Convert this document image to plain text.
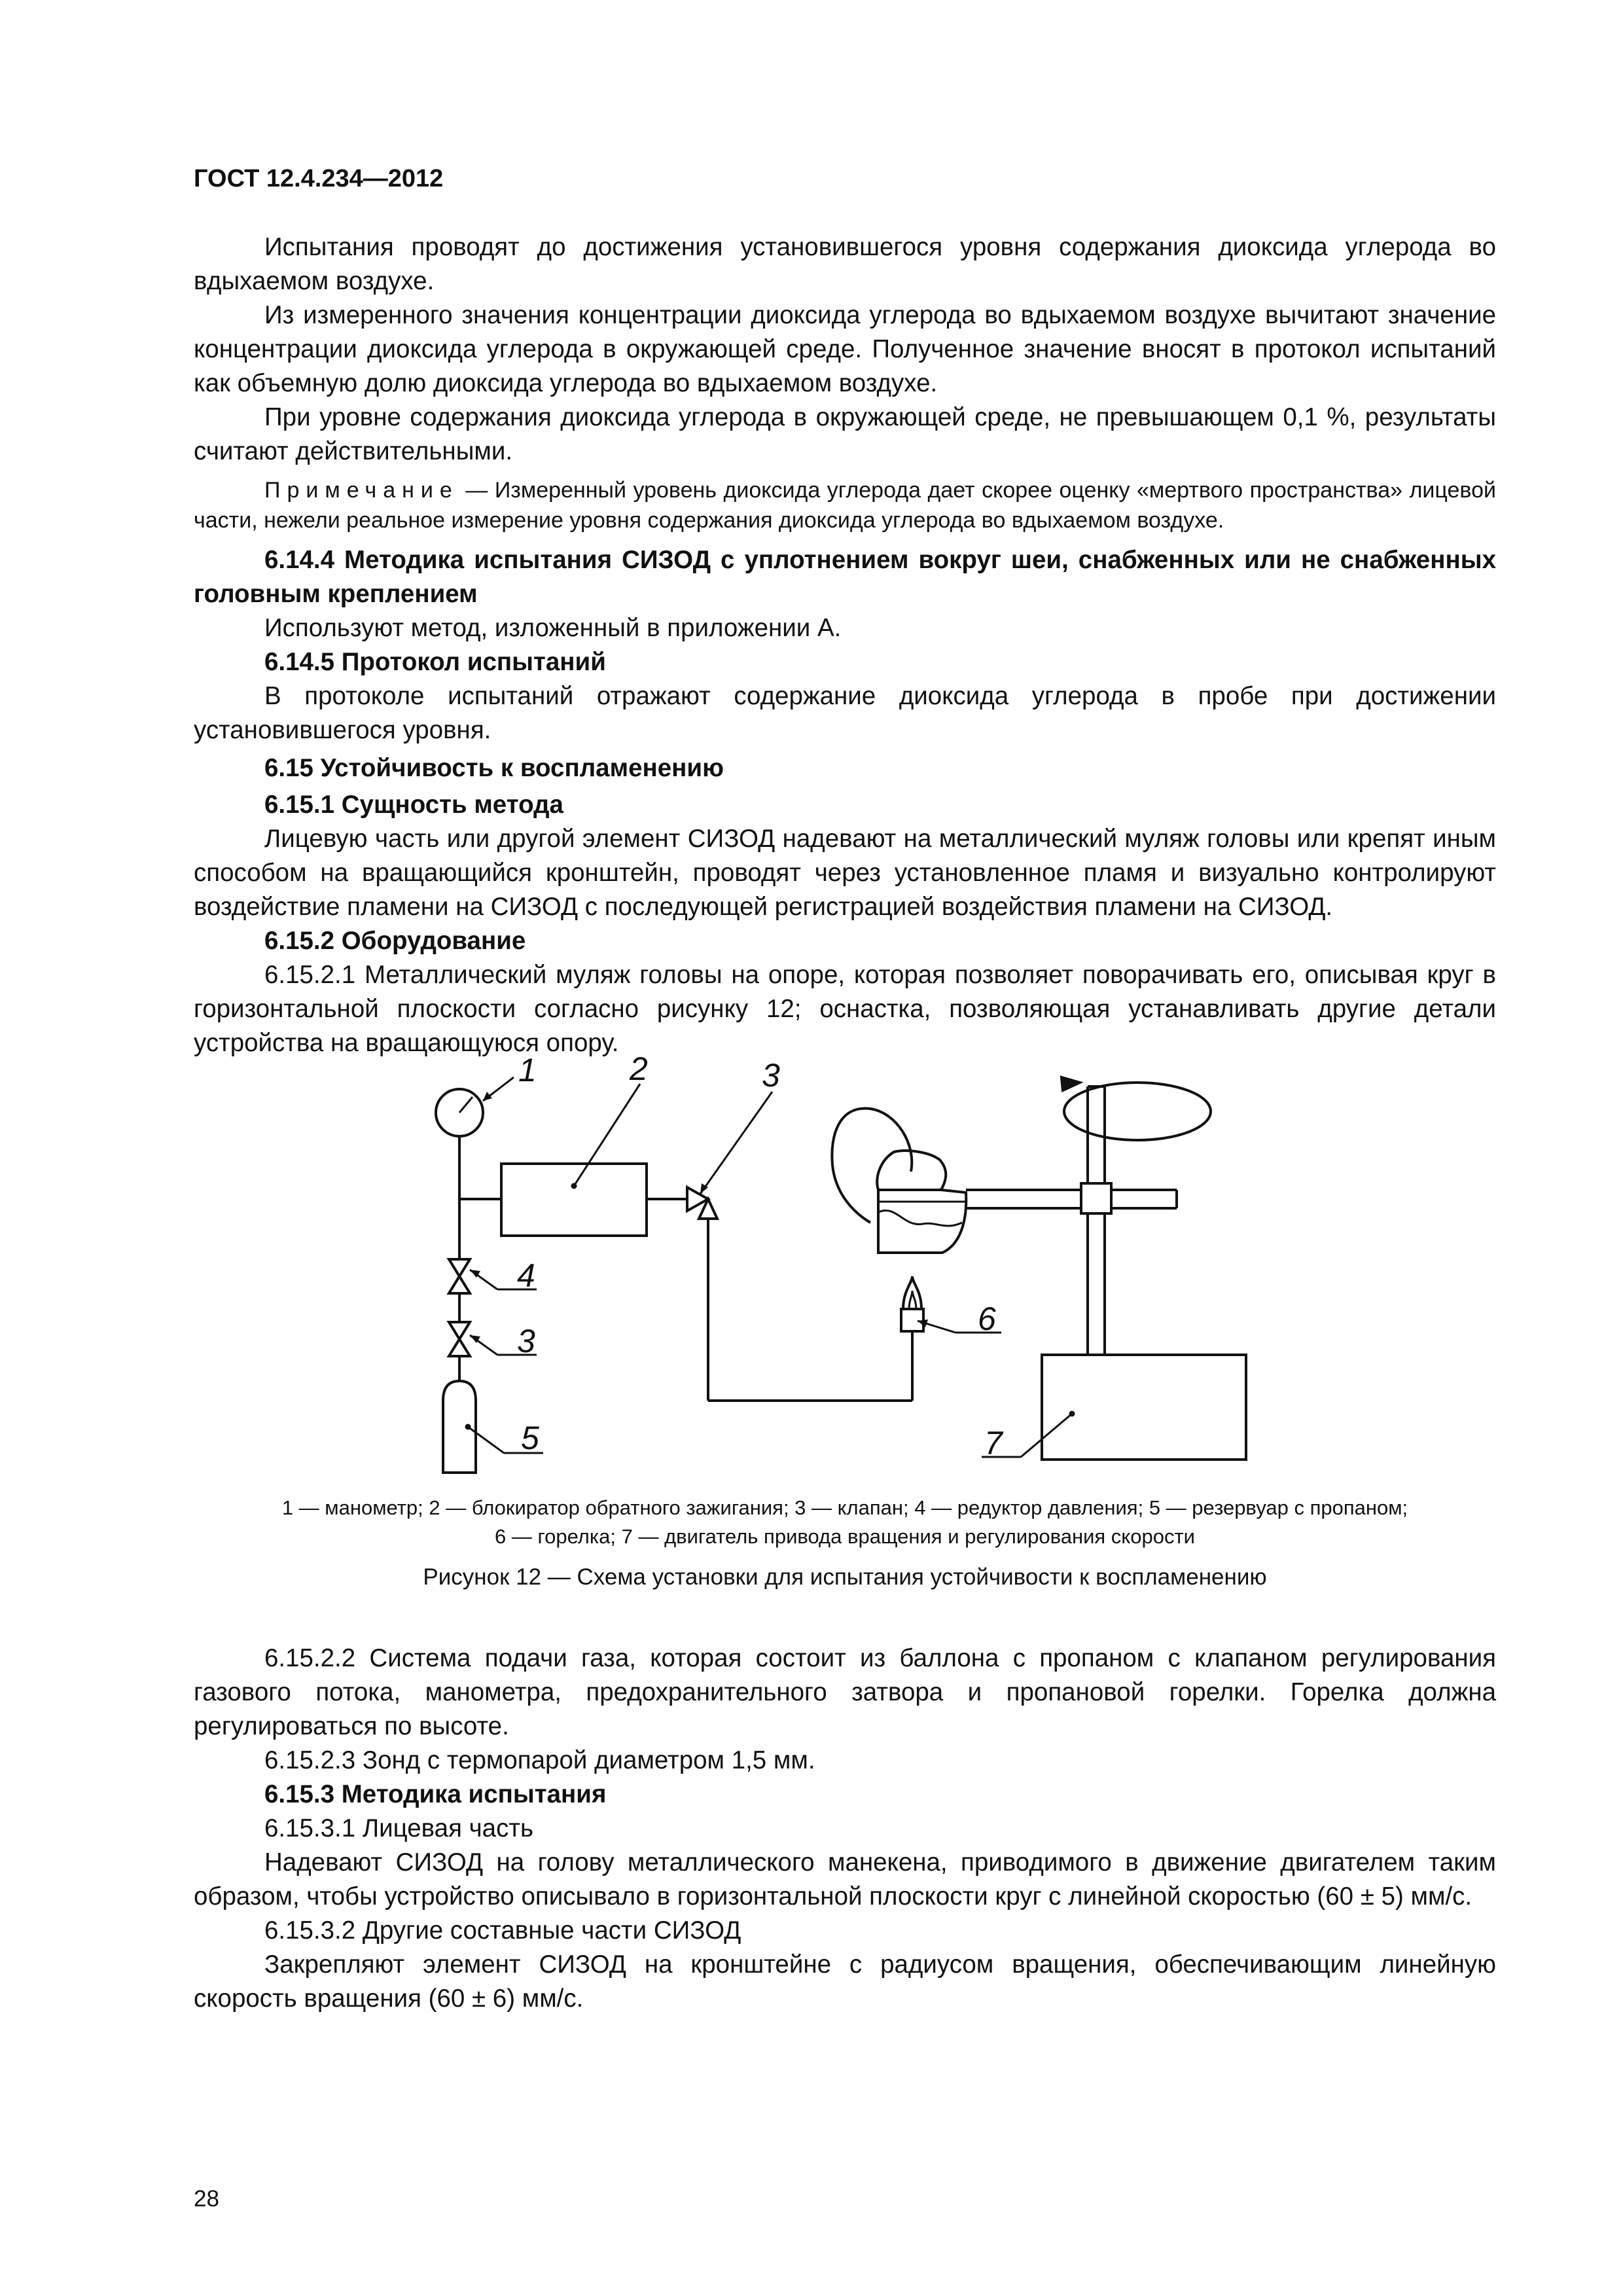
ГОСТ 12.4.234—2012

Испытания проводят до достижения установившегося уровня содержания диоксида углерода во вдыхаемом воздухе.

Из измеренного значения концентрации диоксида углерода во вдыхаемом воздухе вычитают значение концентрации диоксида углерода в окружающей среде. Полученное значение вносят в протокол испытаний как объемную долю диоксида углерода во вдыхаемом воздухе.

При уровне содержания диоксида углерода в окружающей среде, не превышающем 0,1 %, результаты считают действительными.

Примечание — Измеренный уровень диоксида углерода дает скорее оценку «мертвого пространства» лицевой части, нежели реальное измерение уровня содержания диоксида углерода во вдыхаемом воздухе.

6.14.4 Методика испытания СИЗОД с уплотнением вокруг шеи, снабженных или не снабженных головным креплением

Используют метод, изложенный в приложении А.

6.14.5 Протокол испытаний

В протоколе испытаний отражают содержание диоксида углерода в пробе при достижении установившегося уровня.

6.15 Устойчивость к воспламенению

6.15.1 Сущность метода

Лицевую часть или другой элемент СИЗОД надевают на металлический муляж головы или крепят иным способом на вращающийся кронштейн, проводят через установленное пламя и визуально контролируют воздействие пламени на СИЗОД с последующей регистрацией воздействия пламени на СИЗОД.

6.15.2 Оборудование

6.15.2.1 Металлический муляж головы на опоре, которая позволяет поворачивать его, описывая круг в горизонтальной плоскости согласно рисунку 12; оснастка, позволяющая устанавливать другие детали устройства на вращающуюся опору.

1	2	3
4
3
5
6
7
1 — манометр; 2 — блокиратор обратного зажигания; 3 — клапан; 4 — редуктор давления; 5 — резервуар с пропаном;
6 — горелка; 7 — двигатель привода вращения и регулирования скорости
Рисунок 12 — Схема установки для испытания устойчивости к воспламенению

6.15.2.2 Система подачи газа, которая состоит из баллона с пропаном с клапаном регулирования газового потока, манометра, предохранительного затвора и пропановой горелки. Горелка должна регулироваться по высоте.

6.15.2.3 Зонд с термопарой диаметром 1,5 мм.

6.15.3 Методика испытания

6.15.3.1 Лицевая часть

Надевают СИЗОД на голову металлического манекена, приводимого в движение двигателем таким образом, чтобы устройство описывало в горизонтальной плоскости круг с линейной скоростью (60 ± 5) мм/с.

6.15.3.2 Другие составные части СИЗОД

Закрепляют элемент СИЗОД на кронштейне с радиусом вращения, обеспечивающим линейную скорость вращения (60 ± 6) мм/с.

28
